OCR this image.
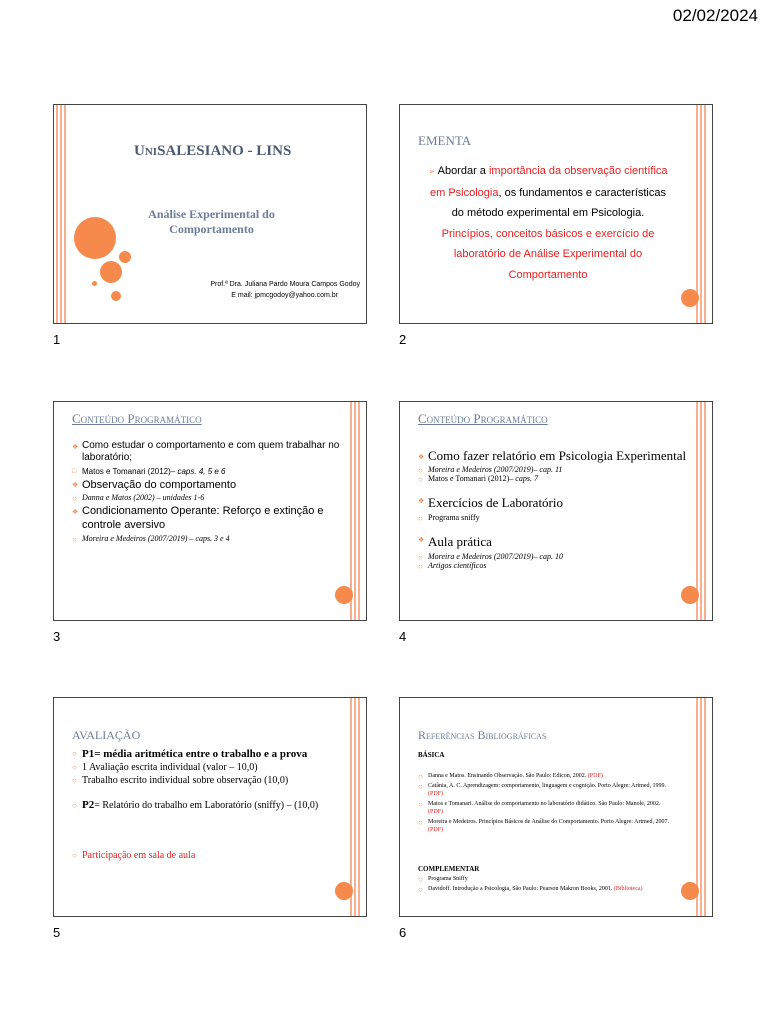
02/02/2024
UNISALESIANO - LINS
Análise Experimental do
Comportamento
Prof.ª Dra. Juliana Pardo Moura Campos Godoy
E mail: jpmcgodoy@yahoo.com.br
1
EMENTA
➢ Abordar a importância da observação científica em Psicologia, os fundamentos e características do método experimental em Psicologia. Princípios, conceitos básicos e exercício de laboratório de Análise Experimental do Comportamento
2
Conteúdo Programático
❖ Como estudar o comportamento e com quem trabalhar no laboratório;
□ Matos e Tomanari (2012)– caps. 4, 5 e 6
❖ Observação do comportamento
○ Danna e Matos (2002) – unidades 1-6
❖ Condicionamento Operante: Reforço e extinção e controle aversivo
○ Moreira e Medeiros (2007/2019) – caps. 3 e 4
3
Conteúdo Programático
❖ Como fazer relatório em Psicologia Experimental
○ Moreira e Medeiros (2007/2019)– cap. 11
○ Matos e Tomanari (2012)– caps. 7
❖ Exercícios de Laboratório
○ Programa sniffy
❖ Aula prática
○ Moreira e Medeiros (2007/2019)– cap. 10
○ Artigos científicos
4
AVALIAÇÃO
○ P1= média aritmética entre o trabalho e a prova
○ 1 Avaliação escrita individual (valor – 10,0)
○ Trabalho escrito individual sobre observação (10,0)
○ P2= Relatório do trabalho em Laboratório (sniffy) – (10,0)
○ Participação em sala de aula
5
Referências Bibliográficas
BÁSICA
○ Danna e Matos. Ensinando Observação. São Paulo: Edicon, 2002. (PDF)
○ Catânia, A. C. Aprendizagem: comportamento, linguagem e cognição. Porto Alegre: Artmed, 1999. (PDF)
○ Matos e Tomanari. Análise do comportamento no laboratório didático. São Paulo: Manole, 2002. (PDF)
○ Moreira e Medeiros. Princípios Básicos de Análise do Comportamento. Porto Alegre: Artmed, 2007. (PDF)
COMPLEMENTAR
○ Programa Sniffy
○ Davidoff. Introdução a Psicologia, São Paulo: Pearson Makron Books, 2001. (Biblioteca)
6
